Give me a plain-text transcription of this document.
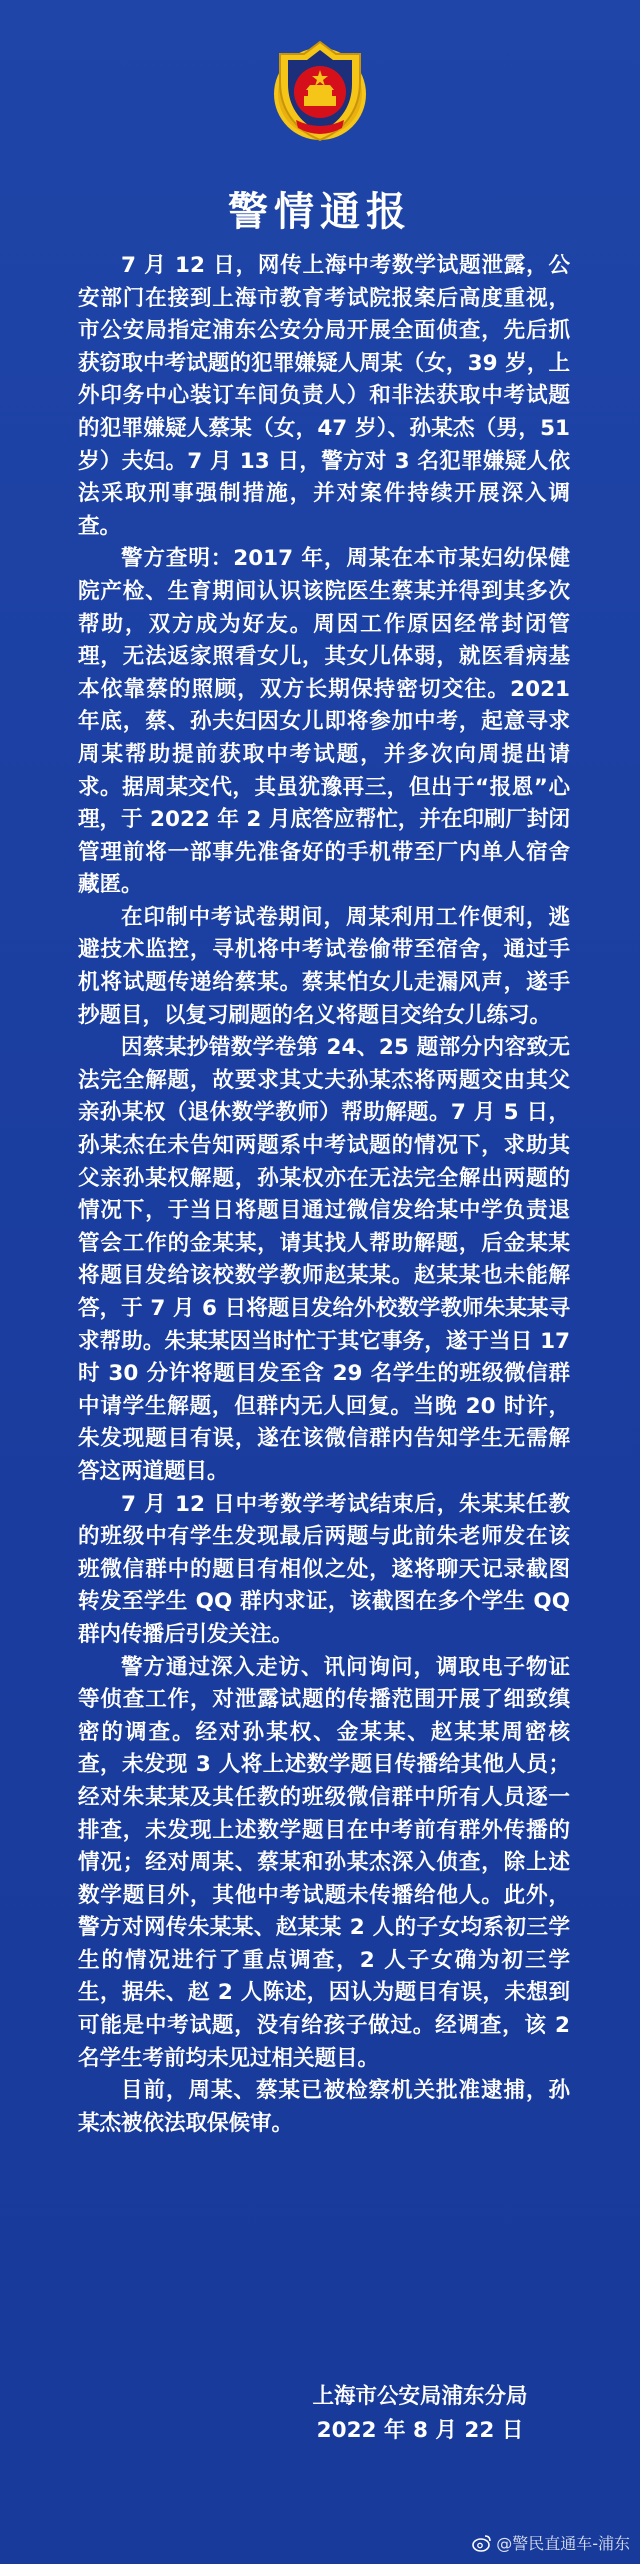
警情通报

7 月 12 日，网传上海中考数学试题泄露，公安部门在接到上海市教育考试院报案后高度重视，市公安局指定浦东公安分局开展全面侦查，先后抓获窃取中考试题的犯罪嫌疑人周某（女，39 岁，上外印务中心装订车间负责人）和非法获取中考试题的犯罪嫌疑人蔡某（女，47 岁）、孙某杰（男，51 岁）夫妇。7 月 13 日，警方对 3 名犯罪嫌疑人依法采取刑事强制措施，并对案件持续开展深入调查。

警方查明：2017 年，周某在本市某妇幼保健院产检、生育期间认识该院医生蔡某并得到其多次帮助，双方成为好友。周因工作原因经常封闭管理，无法返家照看女儿，其女儿体弱，就医看病基本依靠蔡的照顾，双方长期保持密切交往。2021 年底，蔡、孙夫妇因女儿即将参加中考，起意寻求周某帮助提前获取中考试题，并多次向周提出请求。据周某交代，其虽犹豫再三，但出于“报恩”心理，于 2022 年 2 月底答应帮忙，并在印刷厂封闭管理前将一部事先准备好的手机带至厂内单人宿舍藏匿。

在印制中考试卷期间，周某利用工作便利，逃避技术监控，寻机将中考试卷偷带至宿舍，通过手机将试题传递给蔡某。蔡某怕女儿走漏风声，遂手抄题目，以复习刷题的名义将题目交给女儿练习。

因蔡某抄错数学卷第 24、25 题部分内容致无法完全解题，故要求其丈夫孙某杰将两题交由其父亲孙某权（退休数学教师）帮助解题。7 月 5 日，孙某杰在未告知两题系中考试题的情况下，求助其父亲孙某权解题，孙某权亦在无法完全解出两题的情况下，于当日将题目通过微信发给某中学负责退管会工作的金某某，请其找人帮助解题，后金某某将题目发给该校数学教师赵某某。赵某某也未能解答，于 7 月 6 日将题目发给外校数学教师朱某某寻求帮助。朱某某因当时忙于其它事务，遂于当日 17 时 30 分许将题目发至含 29 名学生的班级微信群中请学生解题，但群内无人回复。当晚 20 时许，朱发现题目有误，遂在该微信群内告知学生无需解答这两道题目。

7 月 12 日中考数学考试结束后，朱某某任教的班级中有学生发现最后两题与此前朱老师发在该班微信群中的题目有相似之处，遂将聊天记录截图转发至学生 QQ 群内求证，该截图在多个学生 QQ 群内传播后引发关注。

警方通过深入走访、讯问询问，调取电子物证等侦查工作，对泄露试题的传播范围开展了细致缜密的调查。经对孙某权、金某某、赵某某周密核查，未发现 3 人将上述数学题目传播给其他人员；经对朱某某及其任教的班级微信群中所有人员逐一排查，未发现上述数学题目在中考前有群外传播的情况；经对周某、蔡某和孙某杰深入侦查，除上述数学题目外，其他中考试题未传播给他人。此外，警方对网传朱某某、赵某某 2 人的子女均系初三学生的情况进行了重点调查，2 人子女确为初三学生，据朱、赵 2 人陈述，因认为题目有误，未想到可能是中考试题，没有给孩子做过。经调查，该 2 名学生考前均未见过相关题目。

目前，周某、蔡某已被检察机关批准逮捕，孙某杰被依法取保候审。

上海市公安局浦东分局
2022 年 8 月 22 日
@警民直通车-浦东
